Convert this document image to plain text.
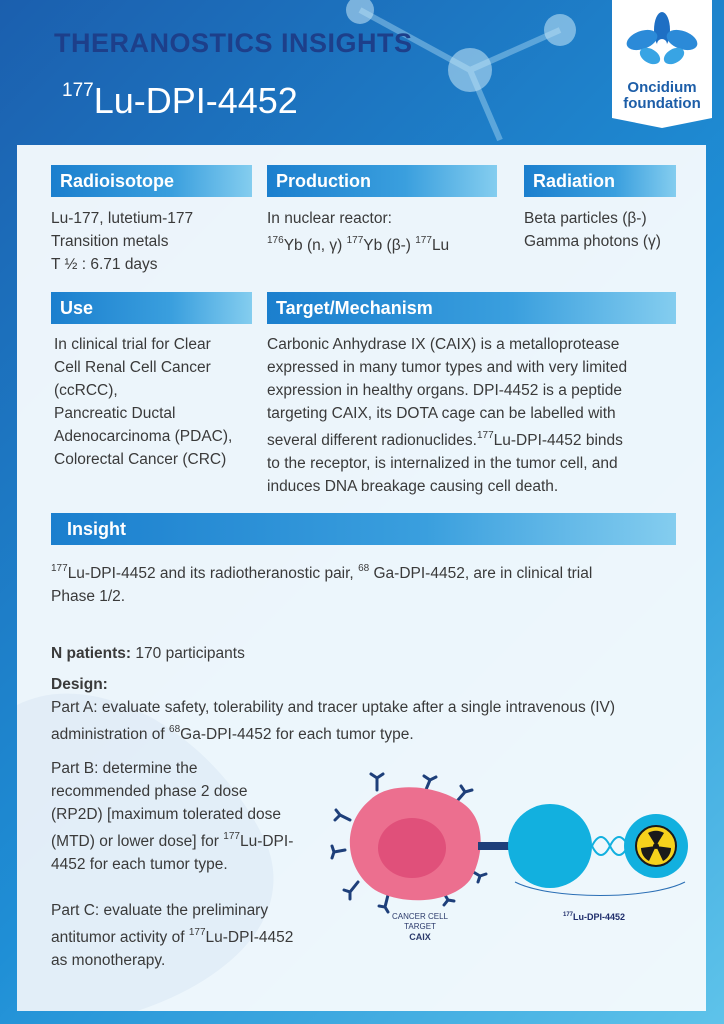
THERANOSTICS INSIGHTS
$^{177}$Lu-DPI-4452	Oncidium
foundation
Radioisotope
Lu-177, lutetium-177
Transition metals
T ½ : 6.71 days
Production
In nuclear reactor:
$^{176}$Yb (n, γ) $^{177}$Yb (β-) $^{177}$Lu
Radiation
Beta particles (β-)
Gamma photons (γ)
Use
In clinical trial for Clear
Cell Renal Cell Cancer
(ccRCC),
Pancreatic Ductal
Adenocarcinoma (PDAC),
Colorectal Cancer (CRC)
Target/Mechanism
Carbonic Anhydrase IX (CAIX) is a metalloprotease
expressed in many tumor types and with very limited
expression in healthy organs. DPI-4452 is a peptide
targeting CAIX, its DOTA cage can be labelled with
several different radionuclides.$^{177}$Lu-DPI-4452 binds
to the receptor, is internalized in the tumor cell, and
induces DNA breakage causing cell death.
Insight
$^{177}$Lu-DPI-4452 and its radiotheranostic pair, $^{68}$ Ga-DPI-4452, are in clinical trial
Phase 1/2.
N patients: 170 participants
Design:
Part A: evaluate safety, tolerability and tracer uptake after a single intravenous (IV)
administration of $^{68}$Ga-DPI-4452 for each tumor type.
Part B: determine the
recommended phase 2 dose
(RP2D) [maximum tolerated dose
(MTD) or lower dose] for $^{177}$Lu-DPI-
4452 for each tumor type.
Part C: evaluate the preliminary
antitumor activity of $^{177}$Lu-DPI-4452
as monotherapy.
CANCER CELL
TARGET
CAIX
$^{177}$Lu-DPI-4452
